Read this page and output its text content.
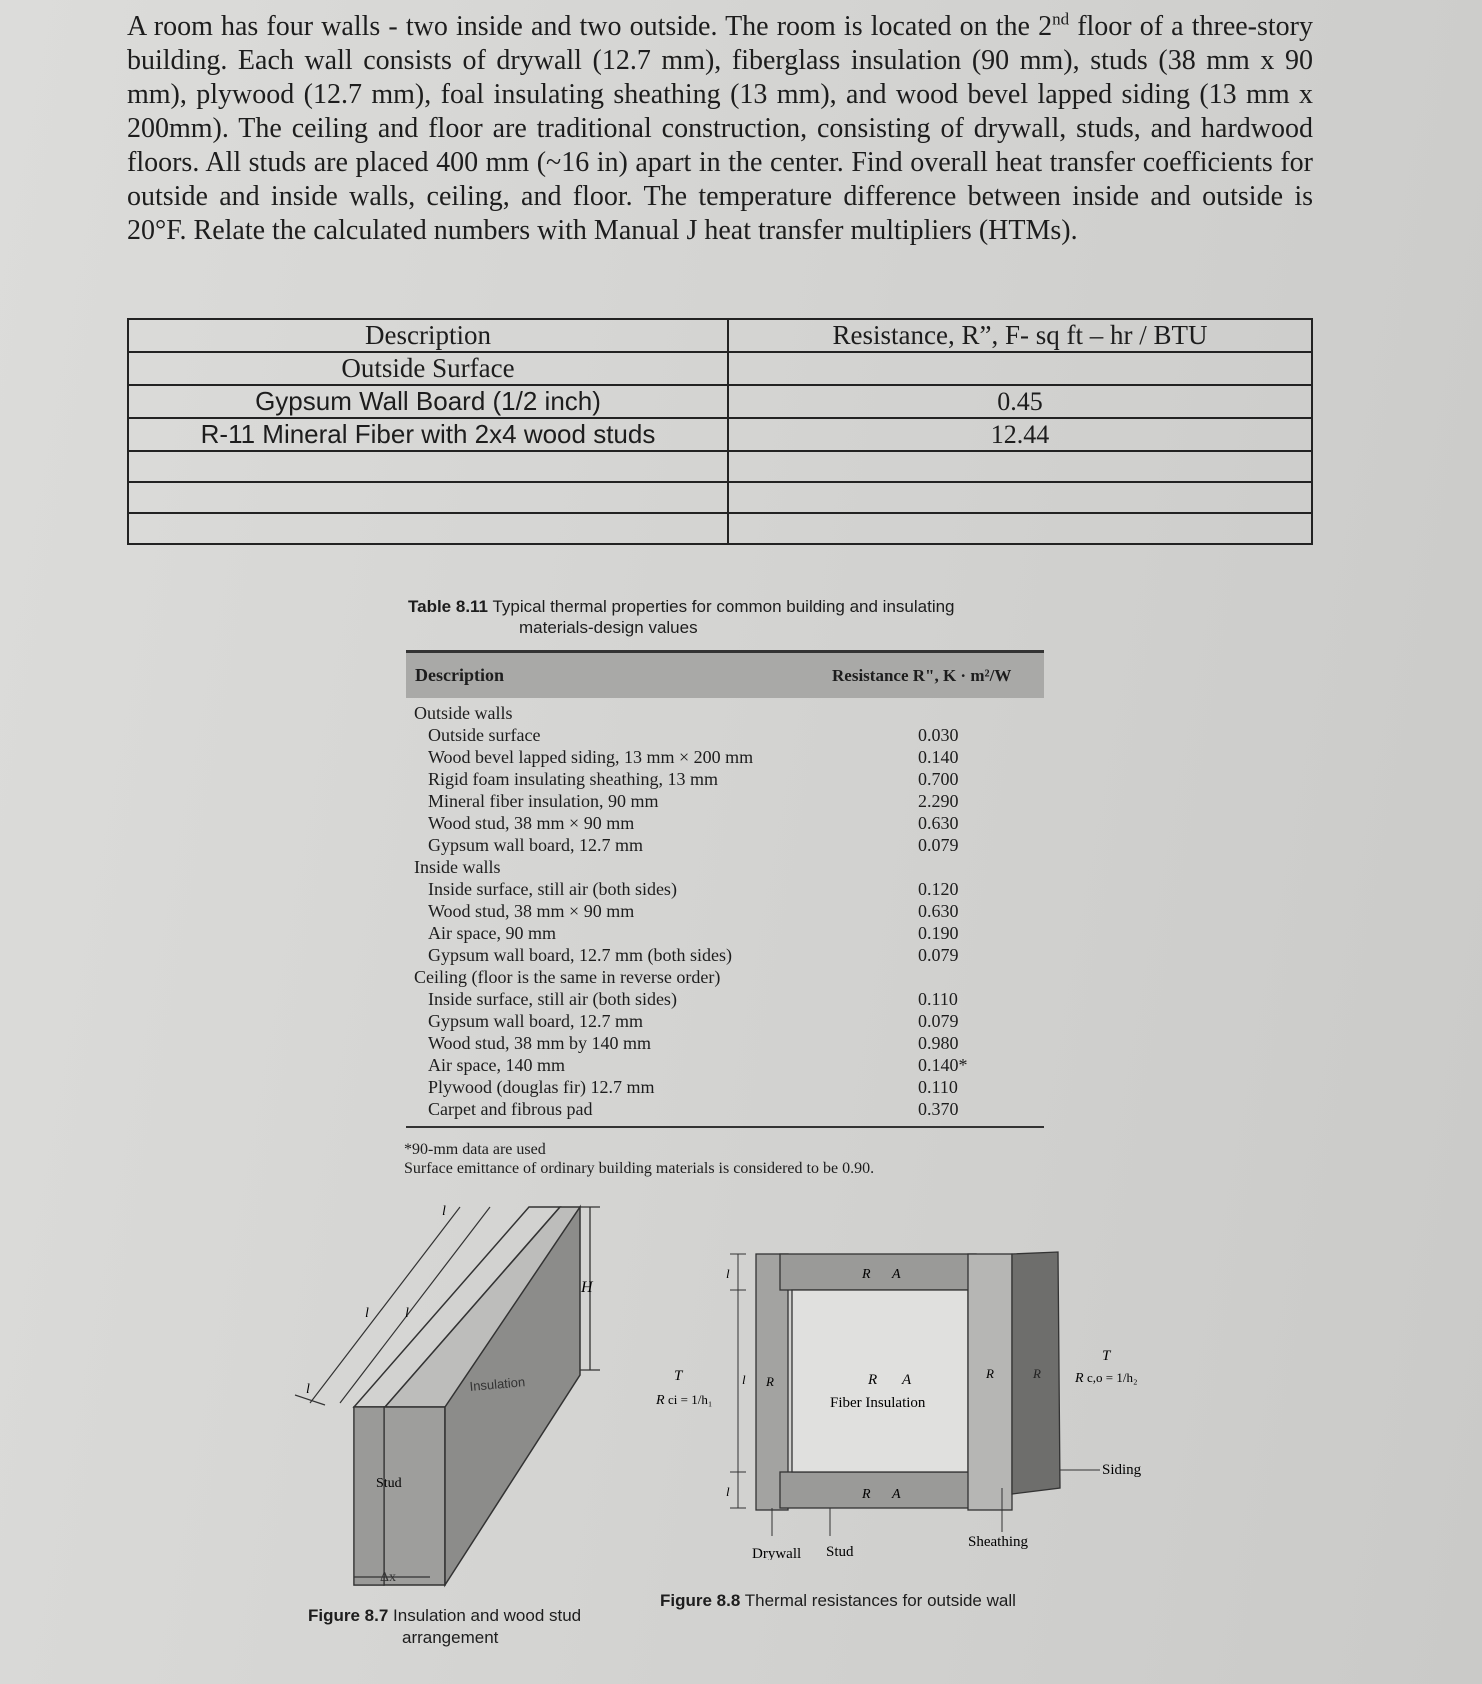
A room has four walls - two inside and two outside. The room is located on the 2nd floor of a three-story building. Each wall consists of drywall (12.7 mm), fiberglass insulation (90 mm), studs (38 mm x 90 mm), plywood (12.7 mm), foal insulating sheathing (13 mm), and wood bevel lapped siding (13 mm x 200mm). The ceiling and floor are traditional construction, consisting of drywall, studs, and hardwood floors. All studs are placed 400 mm (~16 in) apart in the center. Find overall heat transfer coefficients for outside and inside walls, ceiling, and floor. The temperature difference between inside and outside is 20°F. Relate the calculated numbers with Manual J heat transfer multipliers (HTMs).
Description	Resistance, R”, F- sq ft – hr / BTU
Outside Surface	
Gypsum Wall Board (1/2 inch)	0.45
R-11 Mineral Fiber with 2x4 wood studs	12.44

Table 8.11 Typical thermal properties for common building and insulating
materials-design values
Description	Resistance R", K · m²/W
Outside walls
Outside surface	0.030
Wood bevel lapped siding, 13 mm × 200 mm	0.140
Rigid foam insulating sheathing, 13 mm	0.700
Mineral fiber insulation, 90 mm	2.290
Wood stud, 38 mm × 90 mm	0.630
Gypsum wall board, 12.7 mm	0.079
Inside walls
Inside surface, still air (both sides)	0.120
Wood stud, 38 mm × 90 mm	0.630
Air space, 90 mm	0.190
Gypsum wall board, 12.7 mm (both sides)	0.079
Ceiling (floor is the same in reverse order)
Inside surface, still air (both sides)	0.110
Gypsum wall board, 12.7 mm	0.079
Wood stud, 38 mm by 140 mm	0.980
Air space, 140 mm	0.140*
Plywood (douglas fir) 12.7 mm	0.110
Carpet and fibrous pad	0.370
*90-mm data are used
Surface emittance of ordinary building materials is considered to be 0.90.
H
l	l
l
l
Insulation
Stud
Δx
Figure 8.7 Insulation and wood stud
arrangement
l
l
l
T
R ci = 1/h₁
R	R A
Fiber Insulation
R A
R A
R	R
T
R c,o = 1/h₂
Drywall Stud
Sheathing
Siding
Figure 8.8 Thermal resistances for outside wall
